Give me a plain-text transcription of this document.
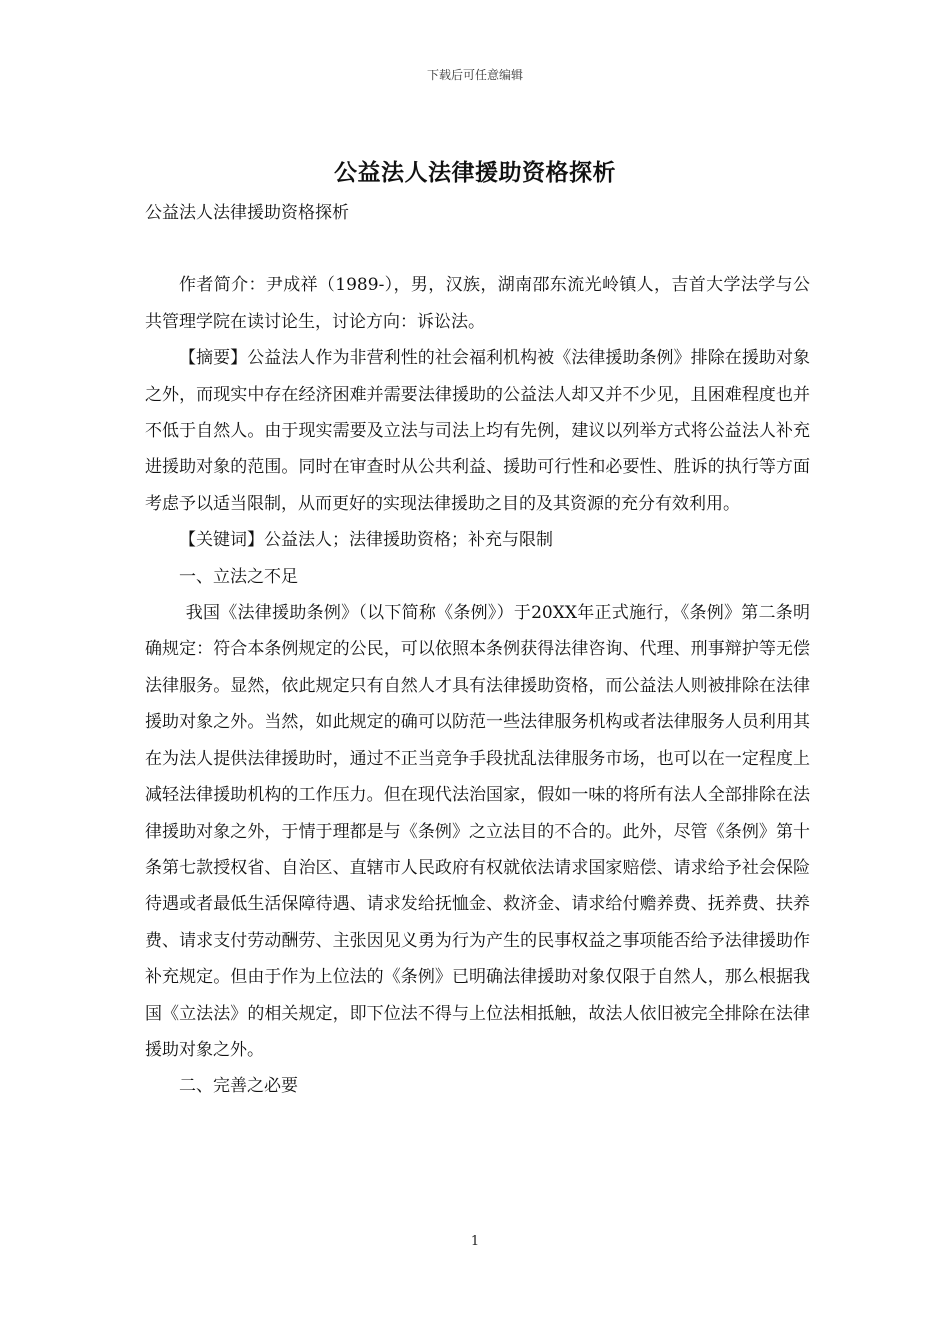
下载后可任意编辑
公益法人法律援助资格探析

公益法人法律援助资格探析

作者简介：尹成祥（1989-），男，汉族，湖南邵东流光岭镇人，吉首大学法学与公共管理学院在读讨论生，讨论方向：诉讼法。

【摘要】公益法人作为非营利性的社会福利机构被《法律援助条例》排除在援助对象之外，而现实中存在经济困难并需要法律援助的公益法人却又并不少见，且困难程度也并不低于自然人。由于现实需要及立法与司法上均有先例，建议以列举方式将公益法人补充进援助对象的范围。同时在审查时从公共利益、援助可行性和必要性、胜诉的执行等方面考虑予以适当限制，从而更好的实现法律援助之目的及其资源的充分有效利用。

【关键词】公益法人；法律援助资格；补充与限制

一、立法之不足

我国《法律援助条例》（以下简称《条例》）于20XX年正式施行，《条例》第二条明确规定：符合本条例规定的公民，可以依照本条例获得法律咨询、代理、刑事辩护等无偿法律服务。显然，依此规定只有自然人才具有法律援助资格，而公益法人则被排除在法律援助对象之外。当然，如此规定的确可以防范一些法律服务机构或者法律服务人员利用其在为法人提供法律援助时，通过不正当竞争手段扰乱法律服务市场，也可以在一定程度上减轻法律援助机构的工作压力。但在现代法治国家，假如一味的将所有法人全部排除在法律援助对象之外，于情于理都是与《条例》之立法目的不合的。此外，尽管《条例》第十条第七款授权省、自治区、直辖市人民政府有权就依法请求国家赔偿、请求给予社会保险待遇或者最低生活保障待遇、请求发给抚恤金、救济金、请求给付赡养费、抚养费、扶养费、请求支付劳动酬劳、主张因见义勇为行为产生的民事权益之事项能否给予法律援助作补充规定。但由于作为上位法的《条例》已明确法律援助对象仅限于自然人，那么根据我国《立法法》的相关规定，即下位法不得与上位法相抵触，故法人依旧被完全排除在法律援助对象之外。

二、完善之必要

1
